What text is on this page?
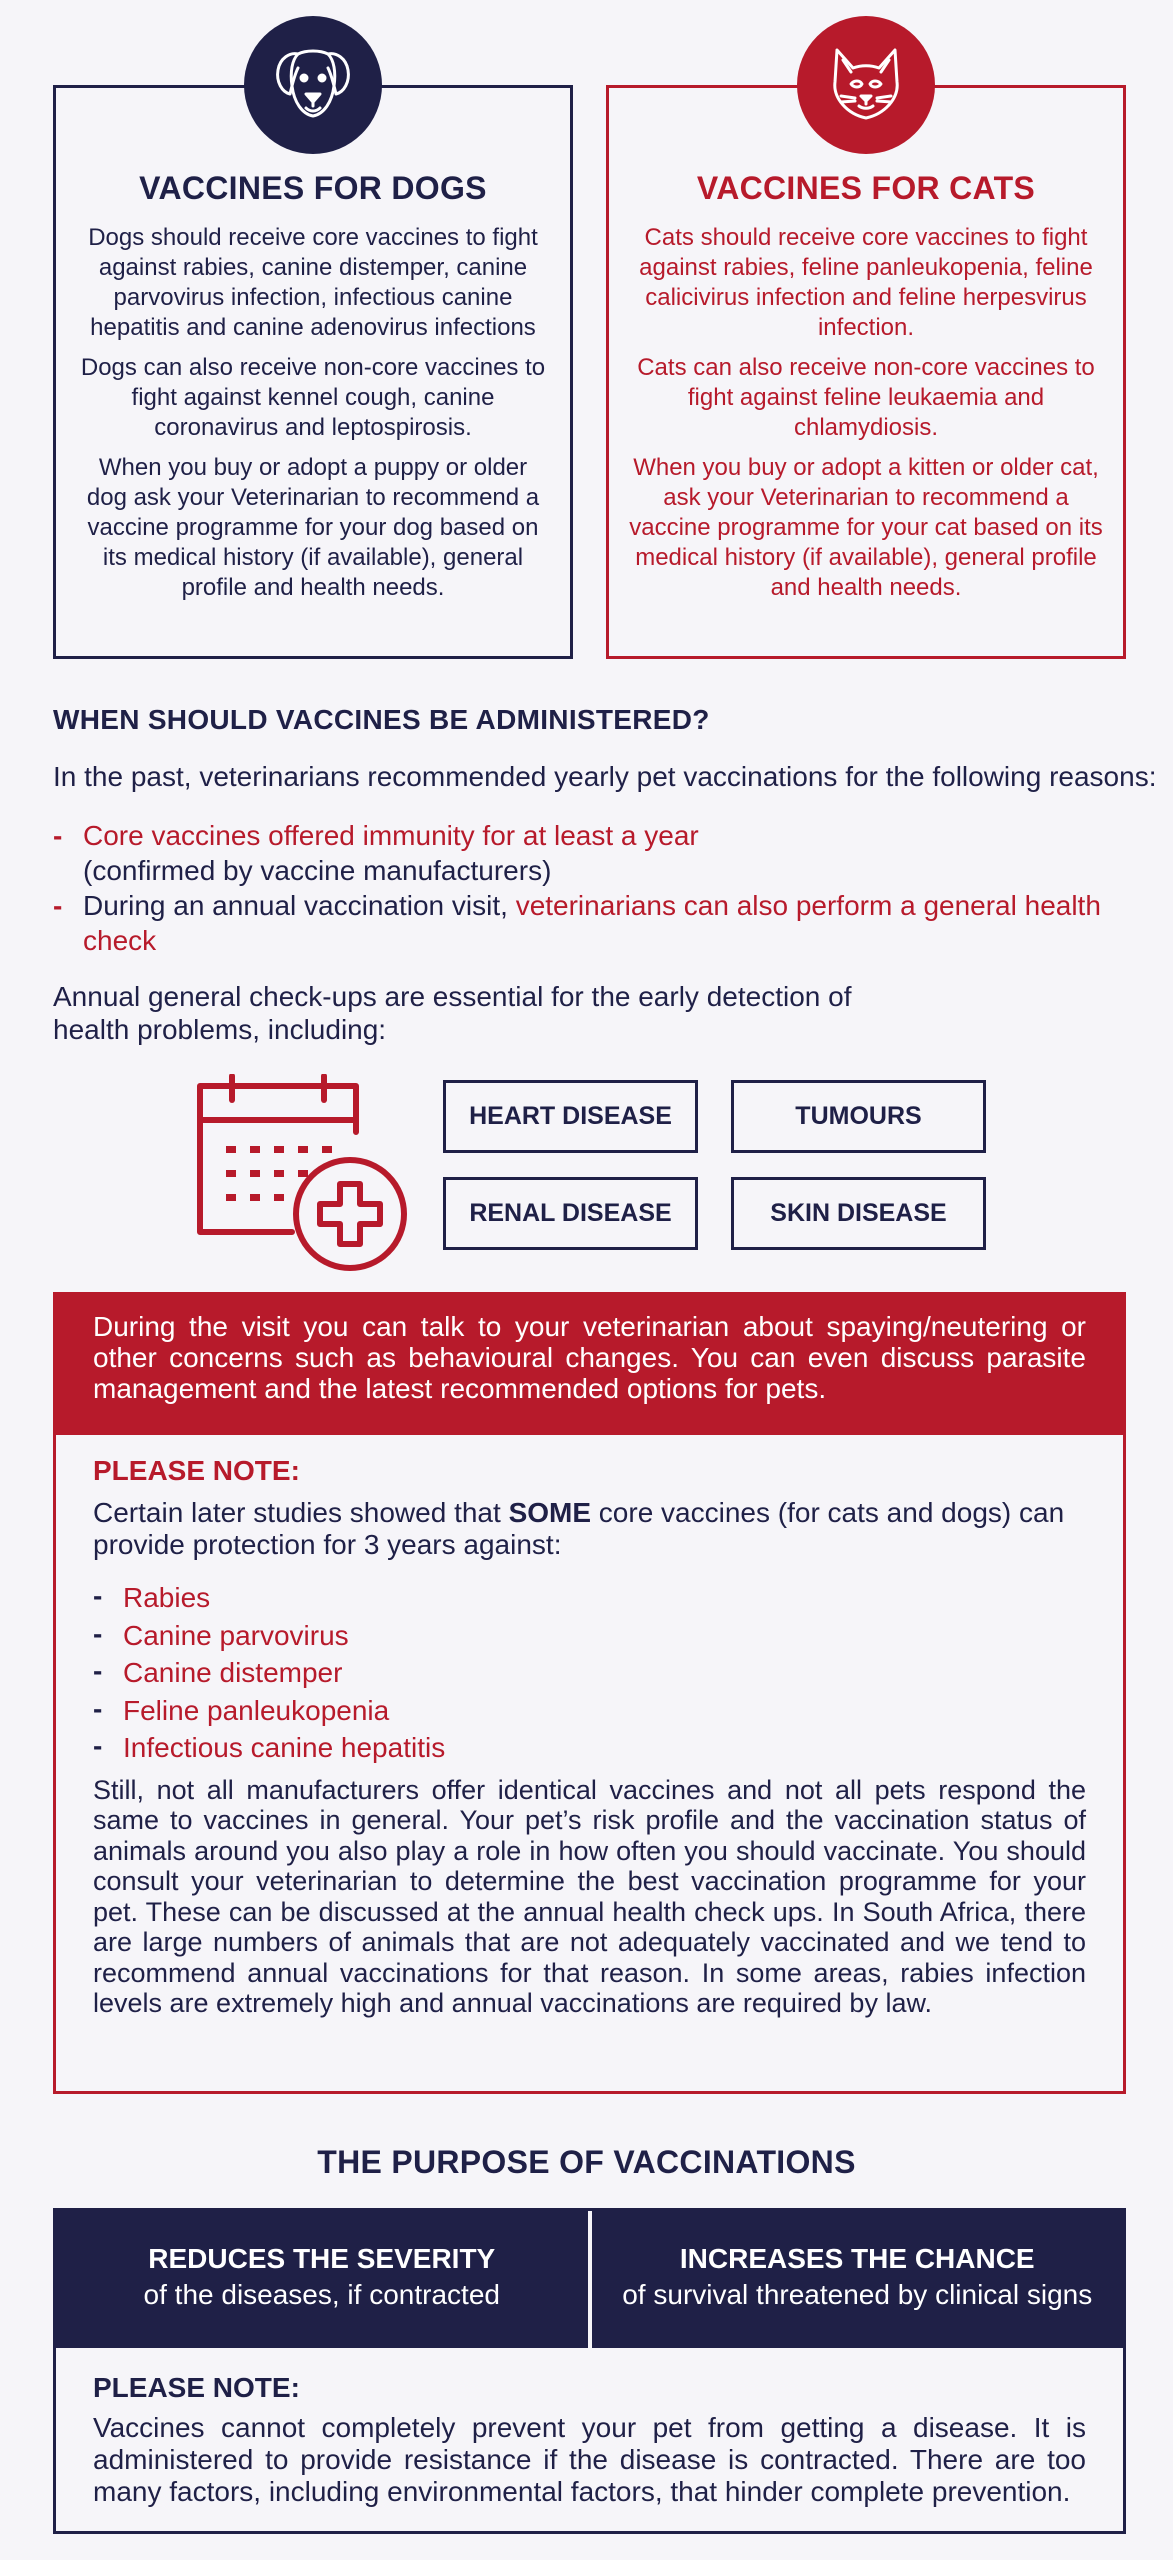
VACCINES FOR DOGS

Dogs should receive core vaccines to fight against rabies, canine distemper, canine parvovirus infection, infectious canine hepatitis and canine adenovirus infections

Dogs can also receive non-core vaccines to fight against kennel cough, canine coronavirus and leptospirosis.

When you buy or adopt a puppy or older dog ask your Veterinarian to recommend a vaccine programme for your dog based on its medical history (if available), general profile and health needs.

VACCINES FOR CATS

Cats should receive core vaccines to fight against rabies, feline panleukopenia, feline calicivirus infection and feline herpesvirus infection.

Cats can also receive non-core vaccines to fight against feline leukaemia and chlamydiosis.

When you buy or adopt a kitten or older cat, ask your Veterinarian to recommend a vaccine programme for your cat based on its medical history (if available), general profile and health needs.

WHEN SHOULD VACCINES BE ADMINISTERED?
In the past, veterinarians recommended yearly pet vaccinations for the following reasons:
- Core vaccines offered immunity for at least a year
(confirmed by vaccine manufacturers)
- During an annual vaccination visit, veterinarians can also perform a general health check
Annual general check-ups are essential for the early detection of health problems, including:
HEART DISEASE	TUMOURS
RENAL DISEASE	SKIN DISEASE
During the visit you can talk to your veterinarian about spaying/neutering or other concerns such as behavioural changes. You can even discuss parasite management and the latest recommended options for pets.
PLEASE NOTE:

Certain later studies showed that SOME core vaccines (for cats and dogs) can provide protection for 3 years against:

- Rabies
- Canine parvovirus
- Canine distemper
- Feline panleukopenia
- Infectious canine hepatitis

Still, not all manufacturers offer identical vaccines and not all pets respond the same to vaccines in general. Your pet’s risk profile and the vaccination status of animals around you also play a role in how often you should vaccinate. You should consult your veterinarian to determine the best vaccination programme for your pet. These can be discussed at the annual health check ups. In South Africa, there are large numbers of animals that are not adequately vaccinated and we tend to recommend annual vaccinations for that reason. In some areas, rabies infection levels are extremely high and annual vaccinations are required by law.

THE PURPOSE OF VACCINATIONS
REDUCES THE SEVERITY
of the diseases, if contracted
INCREASES THE CHANCE
of survival threatened by clinical signs
PLEASE NOTE:

Vaccines cannot completely prevent your pet from getting a disease. It is administered to provide resistance if the disease is contracted. There are too many factors, including environmental factors, that hinder complete prevention.
